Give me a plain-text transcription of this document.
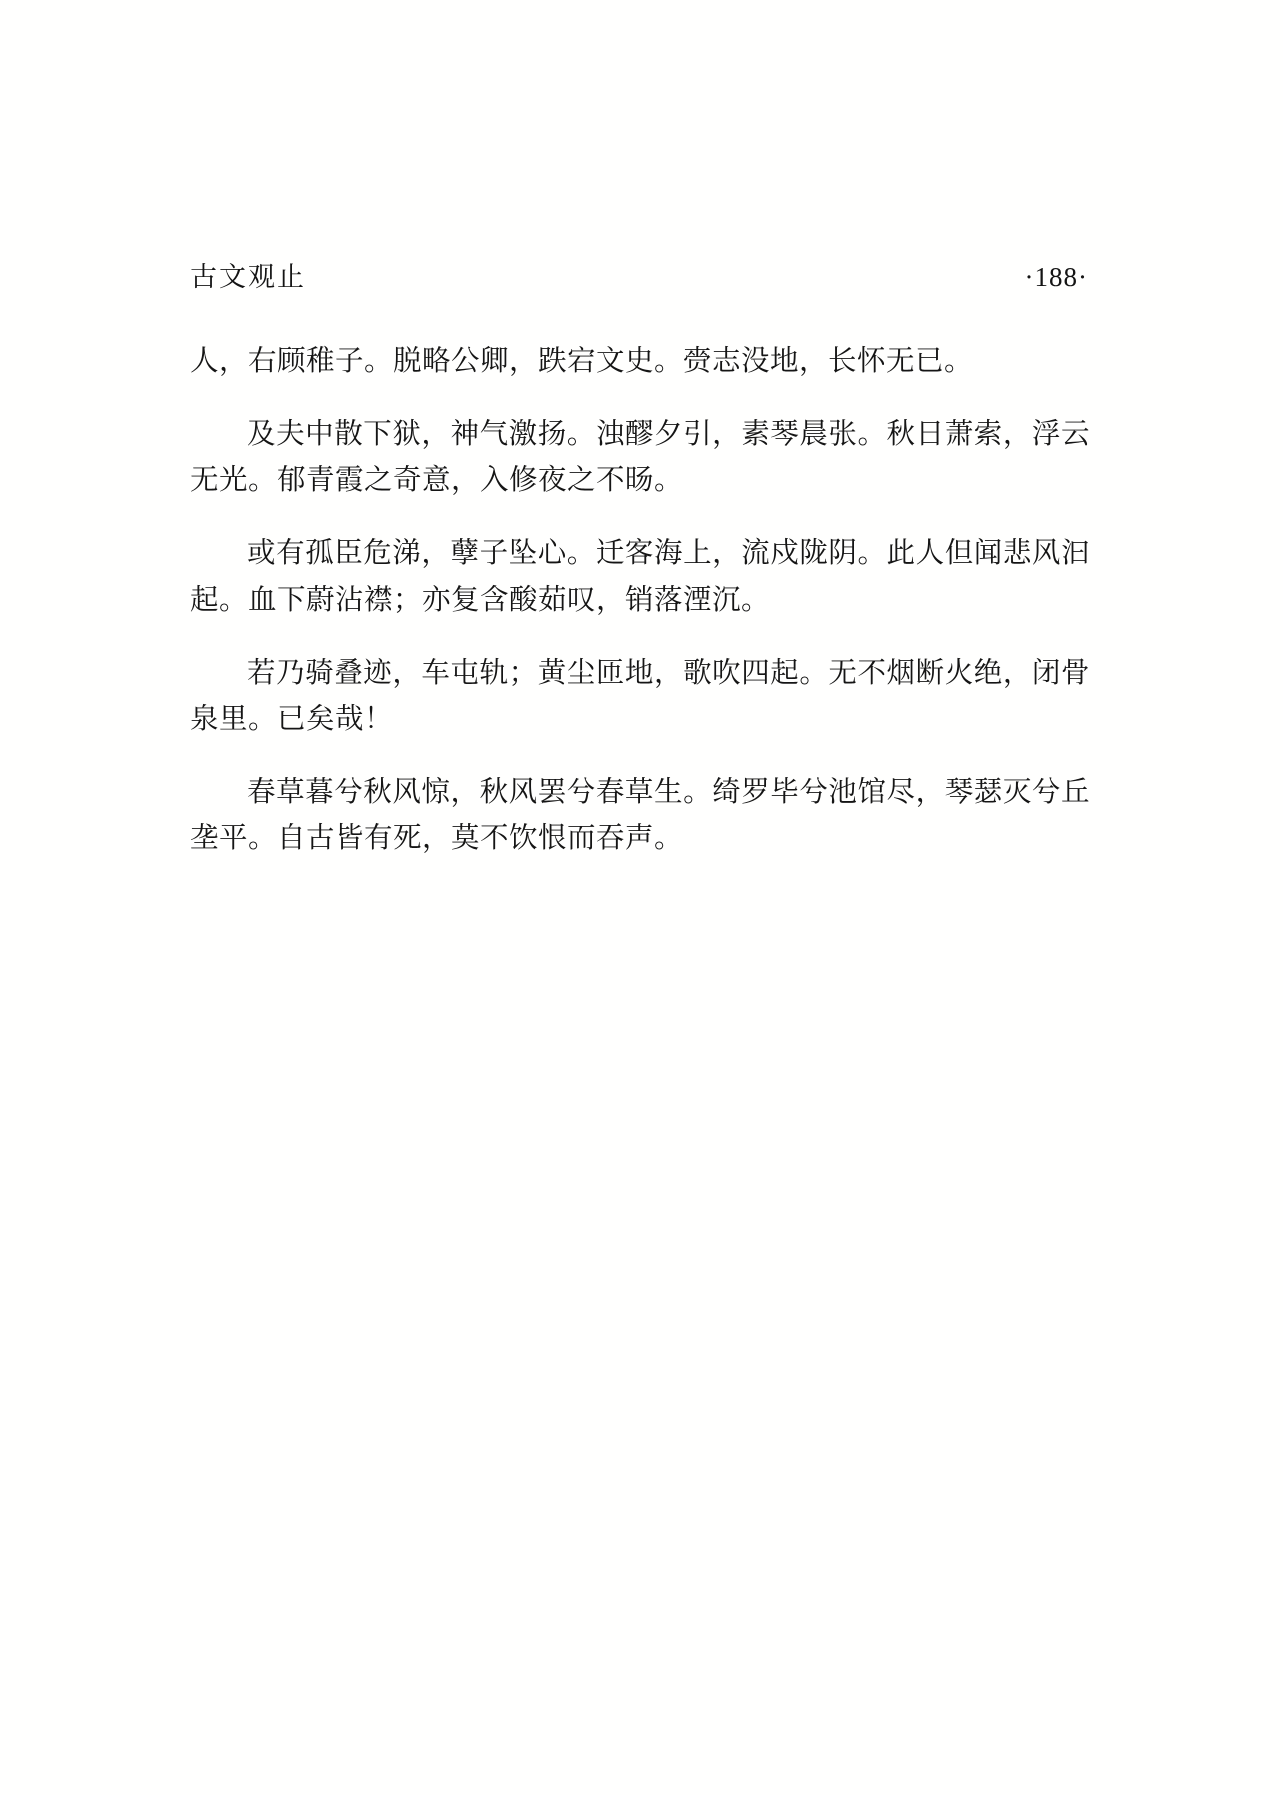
古文观止	·188·

人，右顾稚子。脱略公卿，跌宕文史。赍志没地，长怀无已。

及夫中散下狱，神气激扬。浊醪夕引，素琴晨张。秋日萧索，浮云无光。郁青霞之奇意，入修夜之不旸。

或有孤臣危涕，孽子坠心。迁客海上，流戍陇阴。此人但闻悲风汩起。血下蔚沾襟；亦复含酸茹叹，销落湮沉。

若乃骑叠迹，车屯轨；黄尘匝地，歌吹四起。无不烟断火绝，闭骨泉里。已矣哉！

春草暮兮秋风惊，秋风罢兮春草生。绮罗毕兮池馆尽，琴瑟灭兮丘垄平。自古皆有死，莫不饮恨而吞声。
